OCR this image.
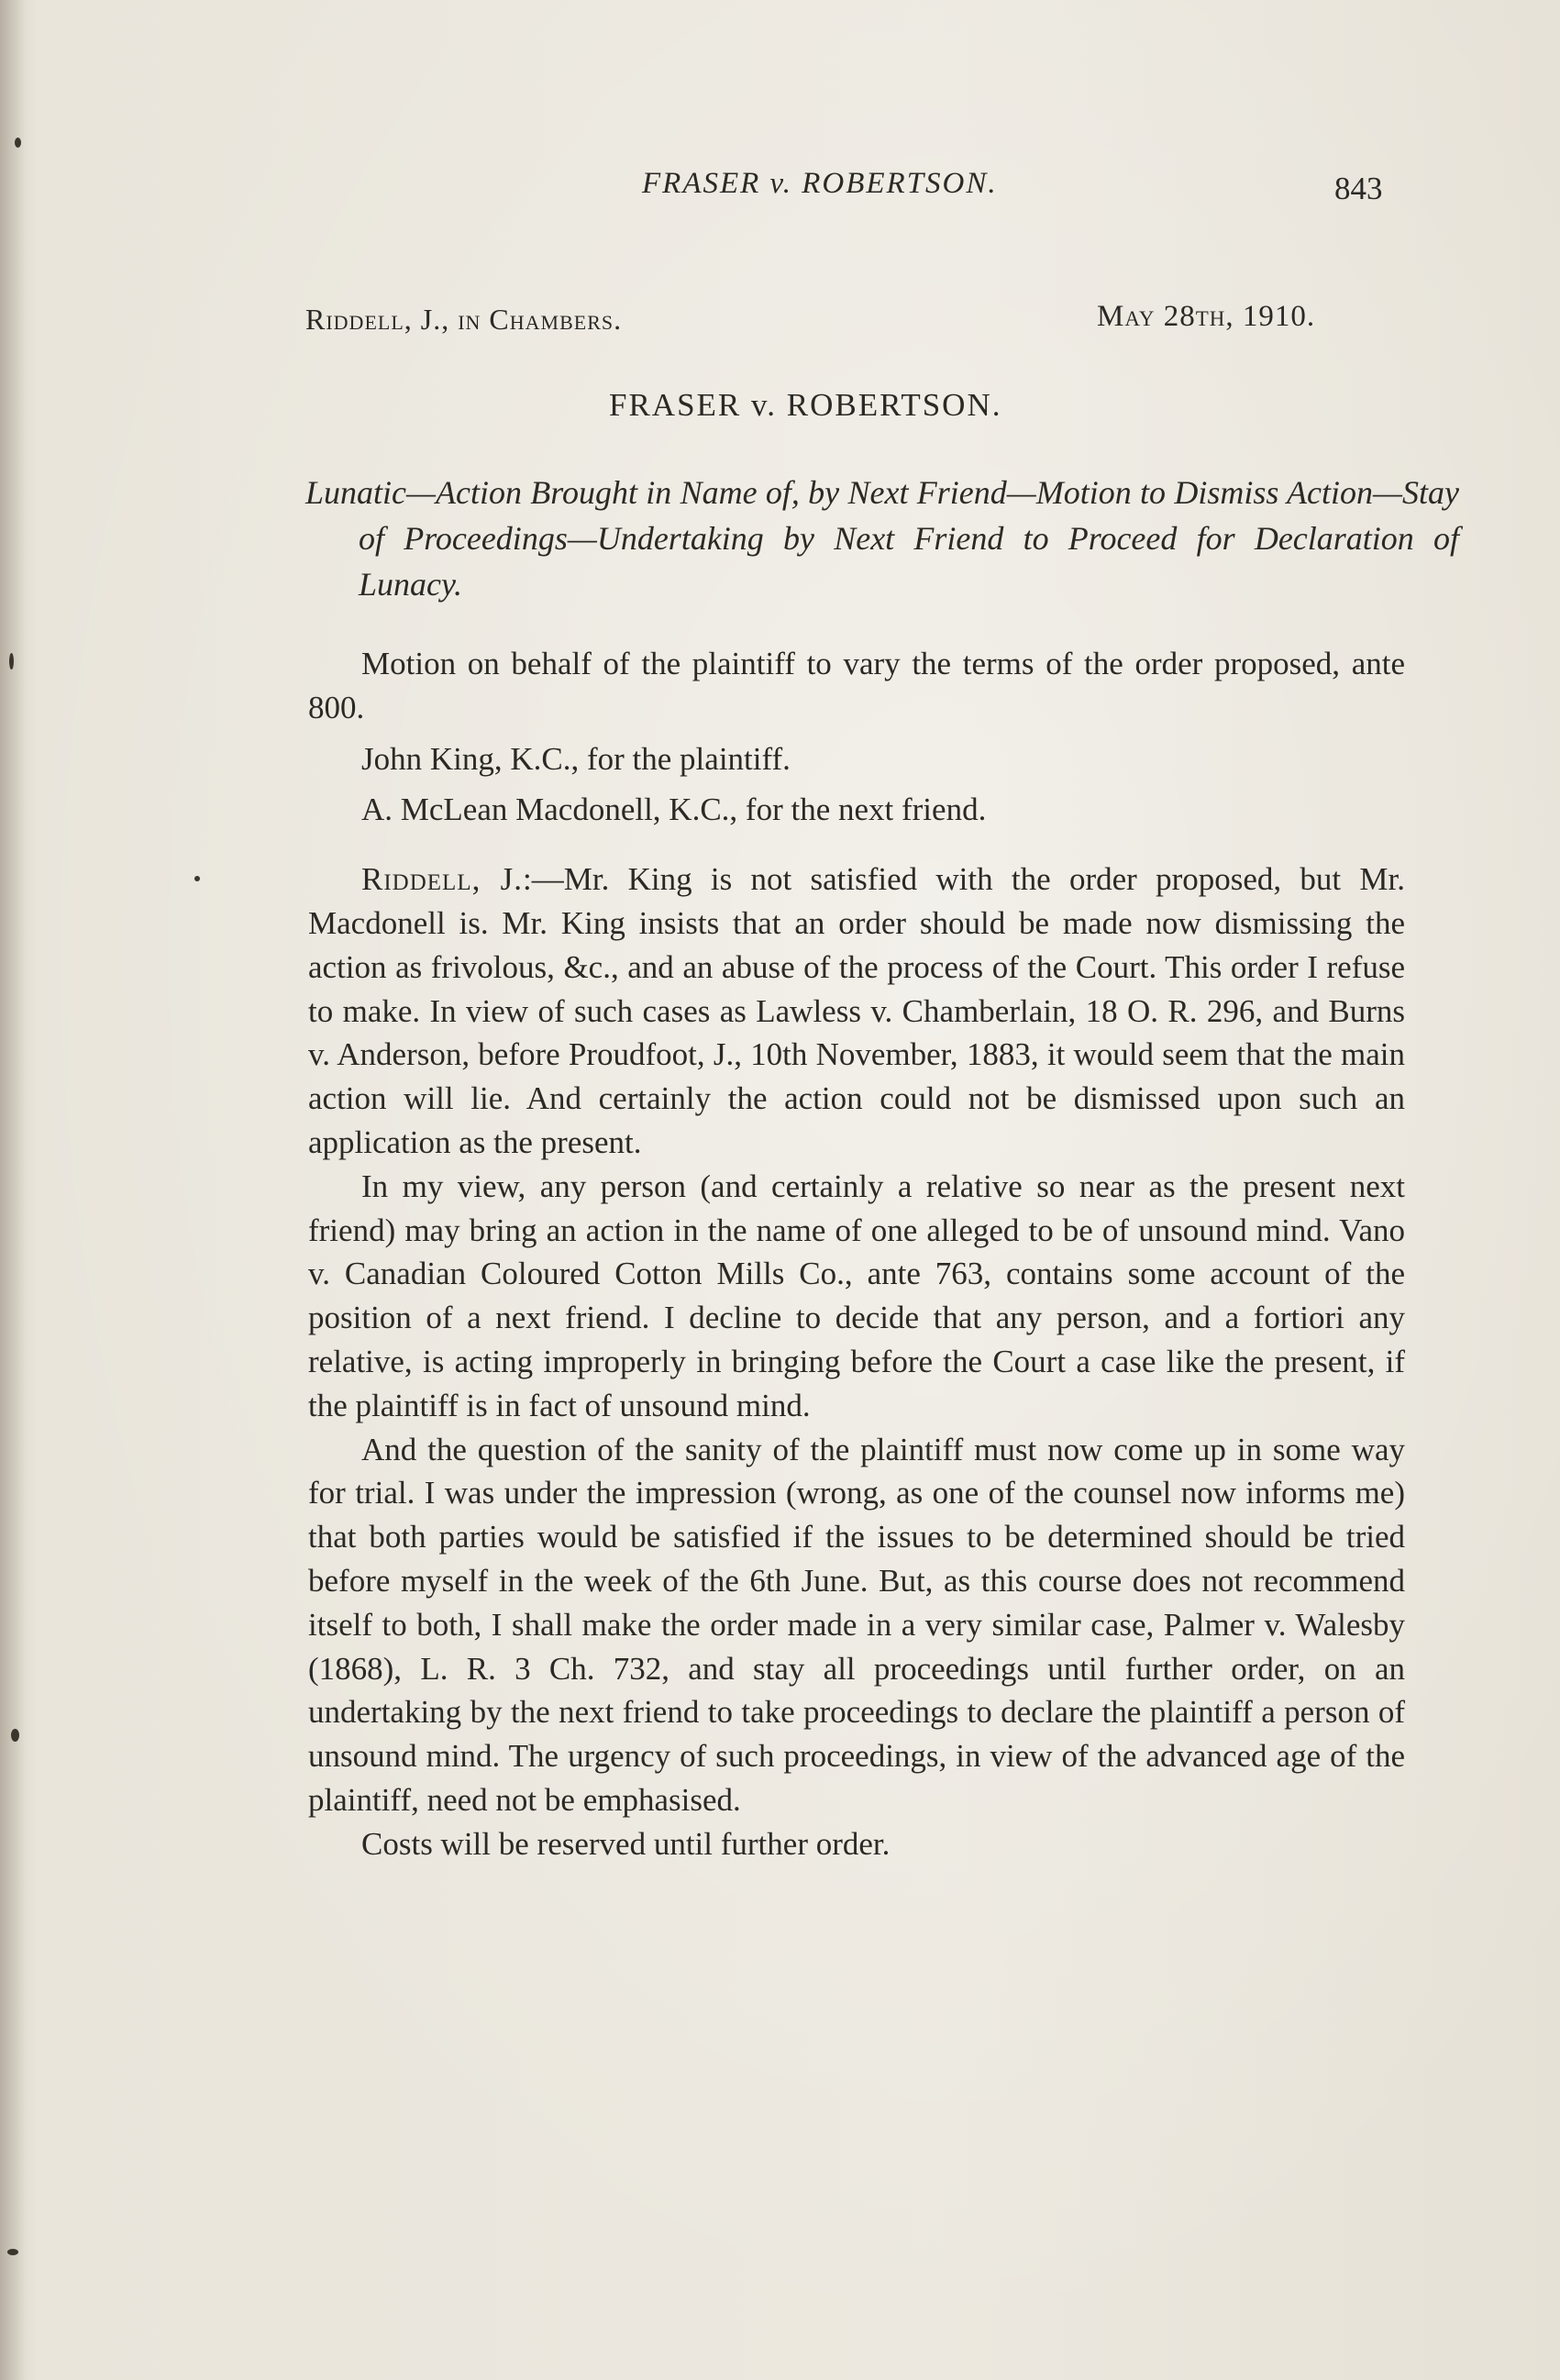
FRASER v. ROBERTSON.	843
Riddell, J., in Chambers.	May 28th, 1910.
FRASER v. ROBERTSON.
Lunatic—Action Brought in Name of, by Next Friend—Motion to Dismiss Action—Stay of Proceedings—Undertaking by Next Friend to Proceed for Declaration of Lunacy.

Motion on behalf of the plaintiff to vary the terms of the order proposed, ante 800.

John King, K.C., for the plaintiff.

A. McLean Macdonell, K.C., for the next friend.

Riddell, J.:—Mr. King is not satisfied with the order proposed, but Mr. Macdonell is. Mr. King insists that an order should be made now dismissing the action as frivolous, &c., and an abuse of the process of the Court. This order I refuse to make. In view of such cases as Lawless v. Chamberlain, 18 O. R. 296, and Burns v. Anderson, before Proudfoot, J., 10th November, 1883, it would seem that the main action will lie. And certainly the action could not be dismissed upon such an application as the present.

In my view, any person (and certainly a relative so near as the present next friend) may bring an action in the name of one alleged to be of unsound mind. Vano v. Canadian Coloured Cotton Mills Co., ante 763, contains some account of the position of a next friend. I decline to decide that any person, and a fortiori any relative, is acting improperly in bringing before the Court a case like the present, if the plaintiff is in fact of unsound mind.

And the question of the sanity of the plaintiff must now come up in some way for trial. I was under the impression (wrong, as one of the counsel now informs me) that both parties would be satisfied if the issues to be determined should be tried before myself in the week of the 6th June. But, as this course does not recommend itself to both, I shall make the order made in a very similar case, Palmer v. Walesby (1868), L. R. 3 Ch. 732, and stay all proceedings until further order, on an undertaking by the next friend to take proceedings to declare the plaintiff a person of unsound mind. The urgency of such proceedings, in view of the advanced age of the plaintiff, need not be emphasised.

Costs will be reserved until further order.
